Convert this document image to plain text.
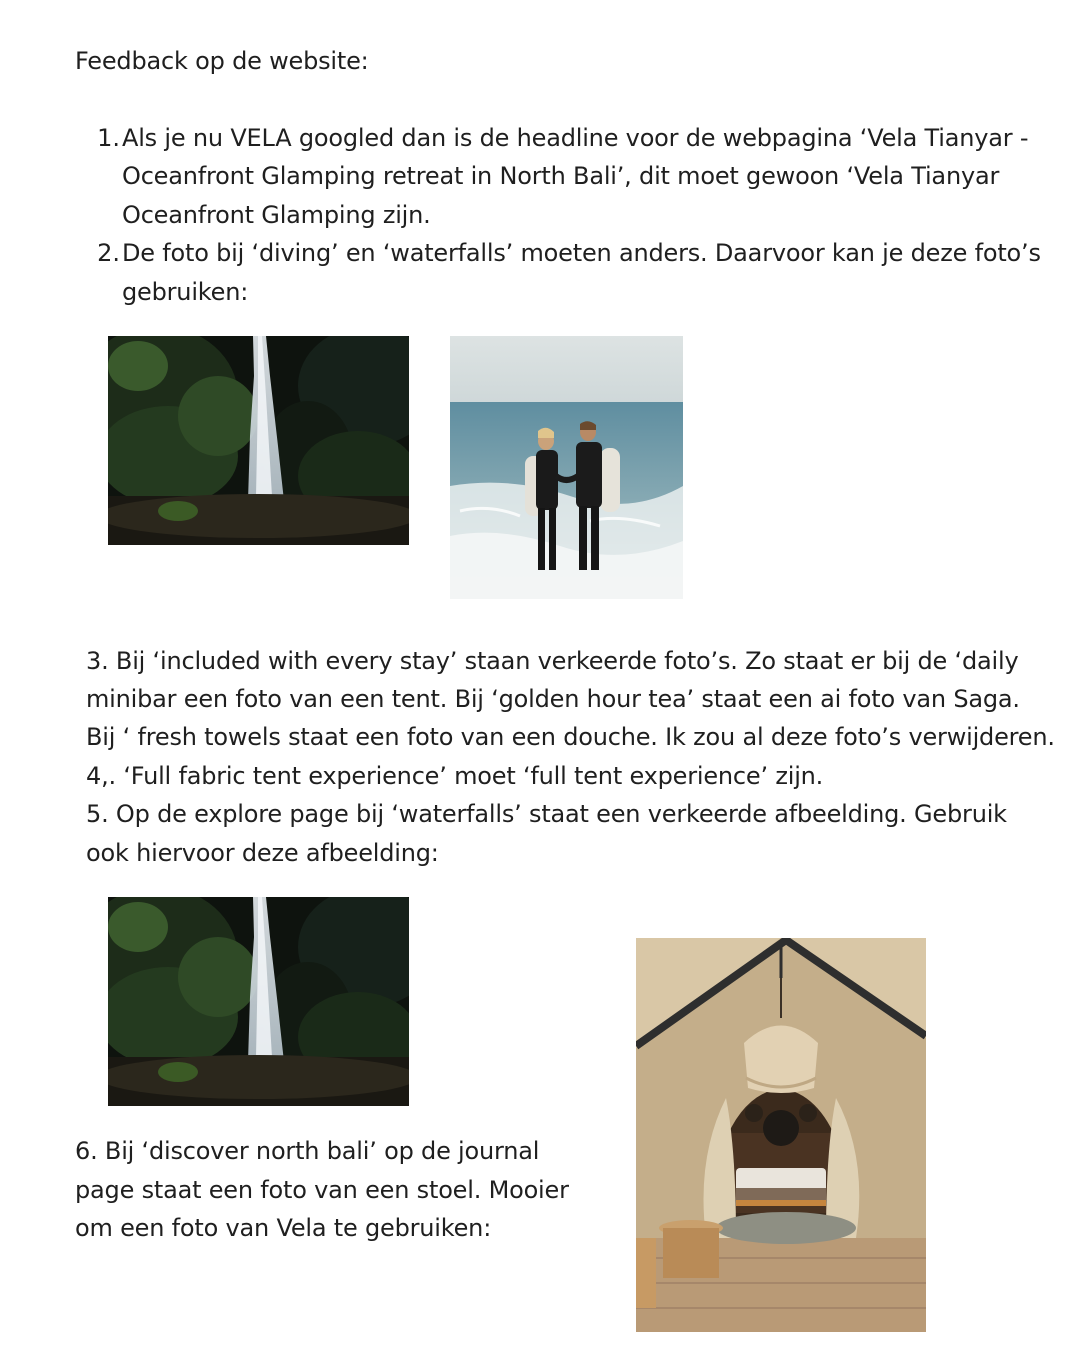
Feedback op de website:
1. Als je nu VELA googled dan is de headline voor de webpagina ‘Vela Tianyar -
Oceanfront Glamping retreat in North Bali’, dit moet gewoon ‘Vela Tianyar
Oceanfront Glamping zijn.
2. De foto bij ‘diving’ en ‘waterfalls’ moeten anders. Daarvoor kan je deze foto’s
gebruiken:
3. Bij ‘included with every stay’ staan verkeerde foto’s. Zo staat er bij de ‘daily
minibar een foto van een tent. Bij ‘golden hour tea’ staat een ai foto van Saga.
Bij ‘ fresh towels staat een foto van een douche. Ik zou al deze foto’s verwijderen.
4,. ‘Full fabric tent experience’ moet ‘full tent experience’ zijn.
5. Op de explore page bij ‘waterfalls’ staat een verkeerde afbeelding. Gebruik
ook hiervoor deze afbeelding:
6. Bij ‘discover north bali’ op de journal
page staat een foto van een stoel. Mooier
om een foto van Vela te gebruiken:
